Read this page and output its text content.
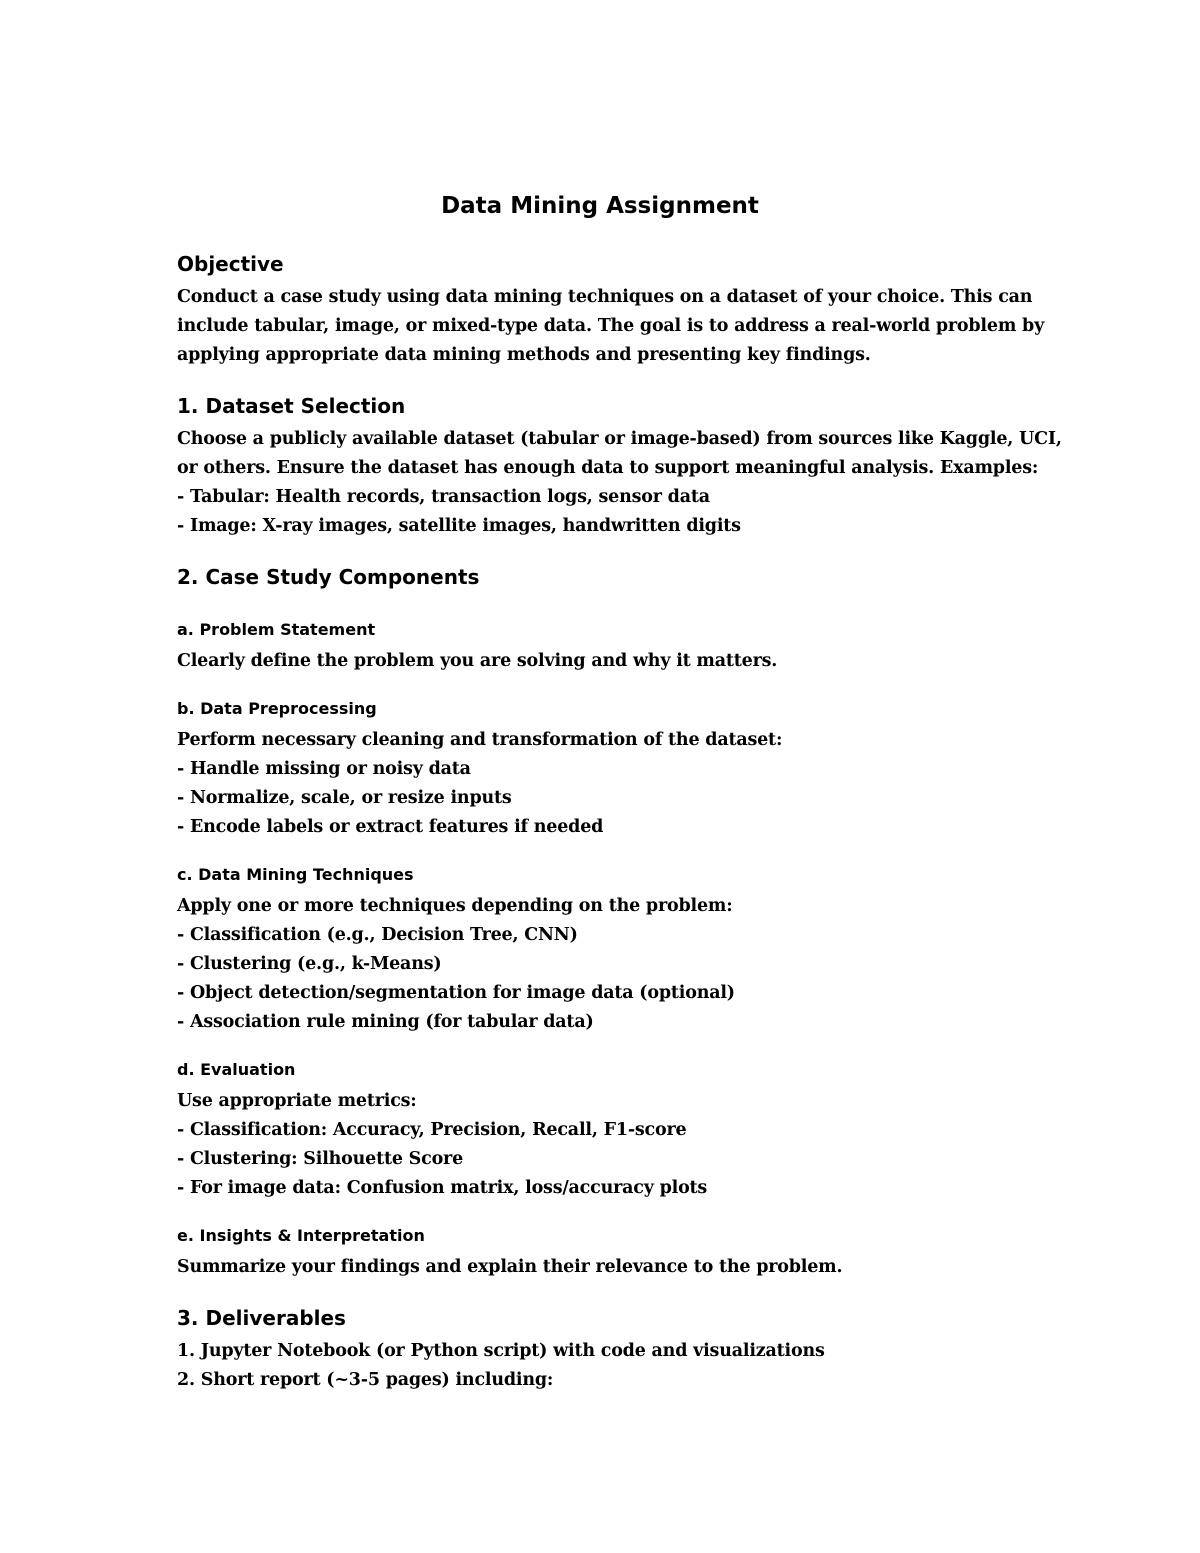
Data Mining Assignment
Objective
Conduct a case study using data mining techniques on a dataset of your choice. This can
include tabular, image, or mixed-type data. The goal is to address a real-world problem by
applying appropriate data mining methods and presenting key findings.
1. Dataset Selection
Choose a publicly available dataset (tabular or image-based) from sources like Kaggle, UCI,
or others. Ensure the dataset has enough data to support meaningful analysis. Examples:
- Tabular: Health records, transaction logs, sensor data
- Image: X-ray images, satellite images, handwritten digits
2. Case Study Components
a. Problem Statement
Clearly define the problem you are solving and why it matters.
b. Data Preprocessing
Perform necessary cleaning and transformation of the dataset:
- Handle missing or noisy data
- Normalize, scale, or resize inputs
- Encode labels or extract features if needed
c. Data Mining Techniques
Apply one or more techniques depending on the problem:
- Classification (e.g., Decision Tree, CNN)
- Clustering (e.g., k-Means)
- Object detection/segmentation for image data (optional)
- Association rule mining (for tabular data)
d. Evaluation
Use appropriate metrics:
- Classification: Accuracy, Precision, Recall, F1-score
- Clustering: Silhouette Score
- For image data: Confusion matrix, loss/accuracy plots
e. Insights & Interpretation
Summarize your findings and explain their relevance to the problem.
3. Deliverables
1. Jupyter Notebook (or Python script) with code and visualizations
2. Short report (~3-5 pages) including:
